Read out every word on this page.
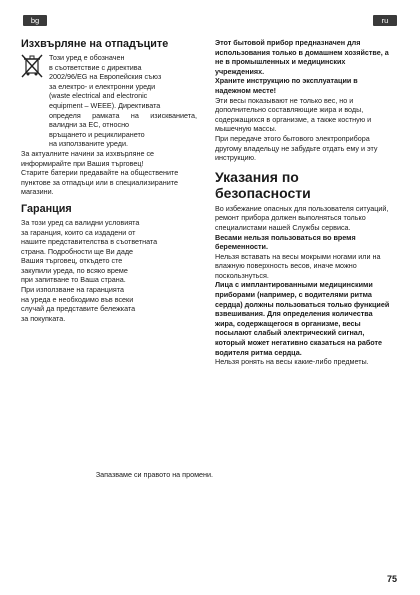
bg	ru
Изхвърляне на отпадъците

Този уред е обозначен
в съответствие с директива
2002/96/EG на Европейския съюз
за електро- и електронни уреди
(waste electrical and electronic
equipment – WEEE). Директивата
определя рамката на изискваниета, валидни за ЕС, относно
връщането и рециклирането
на използваните уреди.

За актуалните начини за изхвърляне се информирайте при Вашия търговец!
Старите батерии предавайте на обществените пунктове за отпадъци или в специализираните магазини.

Гаранция

За този уред са валидни условията
за гаранция, които са издадени от
нашите представителства в съответната
страна. Подробности ще Ви даде
Вашия търговец, откъдето сте
закупили уреда, по всяко време
при запитване то Ваша страна.
При използване на гаранцията
на уреда е необходимо във всеки
случай да представите бележката
за покупката.

Запазваме си правото на промени.

Этот бытовой прибор предназначен для использования только в домашнем хозяйстве, а не в промышленных и медицинских учреждениях.

Храните инструкцию по эксплуатации в надежном месте!

Эти весы показывают не только вес, но и дополнительно составляющие жира и воды, содержащихся в организме, а также костную и мышечную массы.
При передаче этого бытового электроприбора другому владельцу не забудьте отдать ему и эту инструкцию.

Указания по безопасности

Во избежание опасных для пользователя ситуаций, ремонт прибора должен выполняться только специалистами нашей Службы сервиса.

Весами нельзя пользоваться во время беременности.

Нельзя вставать на весы мокрыми ногами или на влажную поверхность весов, иначе можно поскользнуться.

Лица с имплантированными медицинскими приборами (например, с водителями ритма сердца) должны пользоваться только функцией взвешивания. Для определения количества жира, содержащегося в организме, весы посылают слабый электрический сигнал, который может негативно сказаться на работе водителя ритма сердца.

Нельзя ронять на весы какие-либо предметы.

75
